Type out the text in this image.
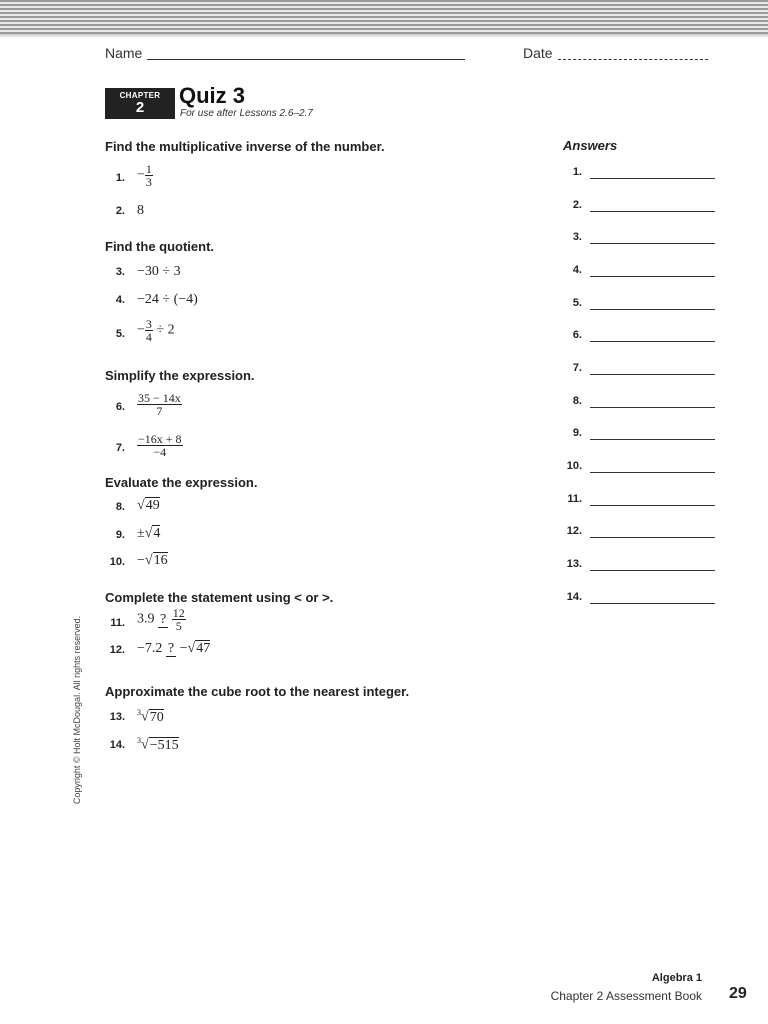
Name	Date
CHAPTER
2	Quiz 3
For use after Lessons 2.6–2.7
Find the multiplicative inverse of the number.
Find the quotient.
Simplify the expression.
Evaluate the expression.
Complete the statement using < or >.
Approximate the cube root to the nearest integer.
1. − $\frac{1}{3}$
2. 8
3. −30 ÷ 3
4. −24 ÷ (−4)
5. − $\frac{3}{4} \div 2$
6. $\frac{35 - 14x}{7}$
7. $\frac{-16x + 8}{-4}$
8. √49
9. ±√4
10. −√16
11. 3.9 ? $\frac{12}{5}$
12. −7.2 ? −√47
13. $^3$√70
14. $^3$√−515
Answers
1.
2.
3.
4.
5.
6.
7.
8.
9.
10.
11.
12.
13.
14.
Copyright © Holt McDougal. All rights reserved.
Algebra 1
Chapter 2 Assessment Book 29
